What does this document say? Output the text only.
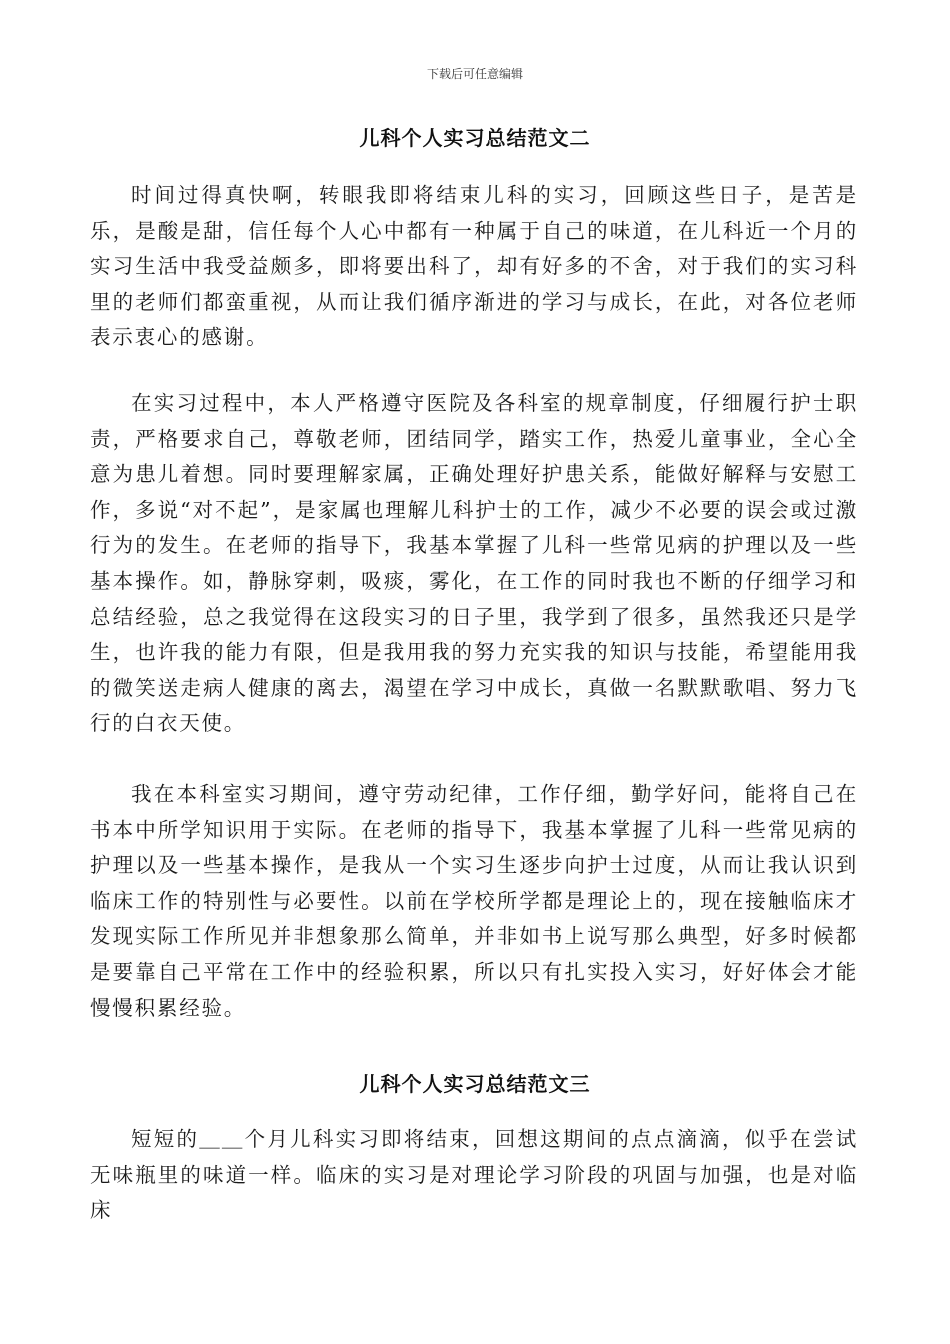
下载后可任意编辑
儿科个人实习总结范文二

时间过得真快啊，转眼我即将结束儿科的实习，回顾这些日子，是苦是乐，是酸是甜，信任每个人心中都有一种属于自己的味道，在儿科近一个月的实习生活中我受益颇多，即将要出科了，却有好多的不舍，对于我们的实习科里的老师们都蛮重视，从而让我们循序渐进的学习与成长，在此，对各位老师表示衷心的感谢。

在实习过程中，本人严格遵守医院及各科室的规章制度，仔细履行护士职责，严格要求自己，尊敬老师，团结同学，踏实工作，热爱儿童事业，全心全意为患儿着想。同时要理解家属，正确处理好护患关系，能做好解释与安慰工作，多说“对不起”，是家属也理解儿科护士的工作，减少不必要的误会或过激行为的发生。在老师的指导下，我基本掌握了儿科一些常见病的护理以及一些基本操作。如，静脉穿刺，吸痰，雾化，在工作的同时我也不断的仔细学习和总结经验，总之我觉得在这段实习的日子里，我学到了很多，虽然我还只是学生，也许我的能力有限，但是我用我的努力充实我的知识与技能，希望能用我的微笑送走病人健康的离去，渴望在学习中成长，真做一名默默歌唱、努力飞行的白衣天使。

我在本科室实习期间，遵守劳动纪律，工作仔细，勤学好问，能将自己在书本中所学知识用于实际。在老师的指导下，我基本掌握了儿科一些常见病的护理以及一些基本操作，是我从一个实习生逐步向护士过度，从而让我认识到临床工作的特别性与必要性。以前在学校所学都是理论上的，现在接触临床才发现实际工作所见并非想象那么简单，并非如书上说写那么典型，好多时候都是要靠自己平常在工作中的经验积累，所以只有扎实投入实习，好好体会才能慢慢积累经验。

儿科个人实习总结范文三

短短的＿＿个月儿科实习即将结束，回想这期间的点点滴滴，似乎在尝试无味瓶里的味道一样。临床的实习是对理论学习阶段的巩固与加强，也是对临床
